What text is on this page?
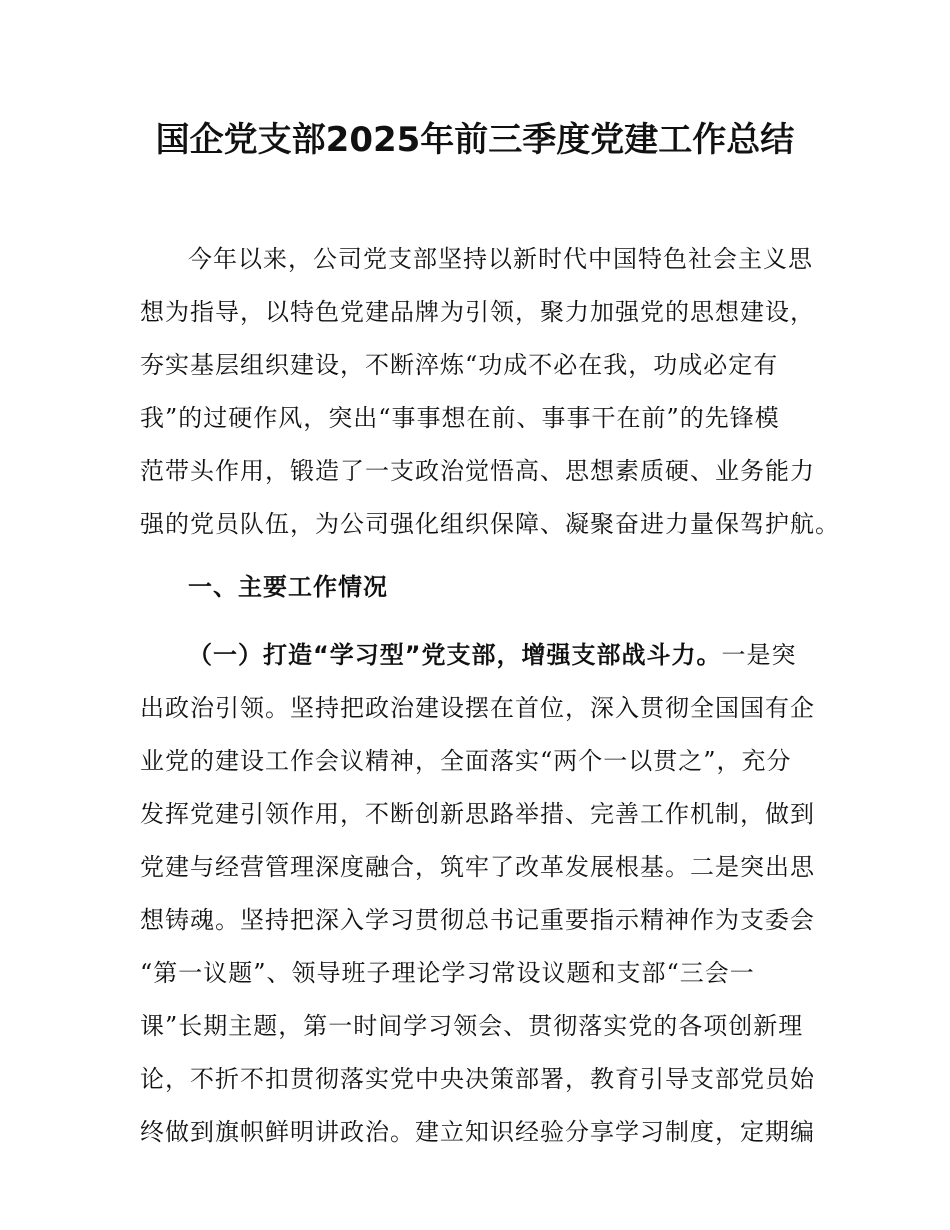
国企党支部2025年前三季度党建工作总结
今年以来，公司党支部坚持以新时代中国特色社会主义思
想为指导，以特色党建品牌为引领，聚力加强党的思想建设，
夯实基层组织建设，不断淬炼“功成不必在我，功成必定有
我”的过硬作风，突出“事事想在前、事事干在前”的先锋模
范带头作用，锻造了一支政治觉悟高、思想素质硬、业务能力
强的党员队伍，为公司强化组织保障、凝聚奋进力量保驾护航。
一、主要工作情况
（一）打造“学习型”党支部，增强支部战斗力。一是突
出政治引领。坚持把政治建设摆在首位，深入贯彻全国国有企
业党的建设工作会议精神，全面落实“两个一以贯之”，充分
发挥党建引领作用，不断创新思路举措、完善工作机制，做到
党建与经营管理深度融合，筑牢了改革发展根基。二是突出思
想铸魂。坚持把深入学习贯彻总书记重要指示精神作为支委会
“第一议题”、领导班子理论学习常设议题和支部“三会一
课”长期主题，第一时间学习领会、贯彻落实党的各项创新理
论，不折不扣贯彻落实党中央决策部署，教育引导支部党员始
终做到旗帜鲜明讲政治。建立知识经验分享学习制度，定期编
